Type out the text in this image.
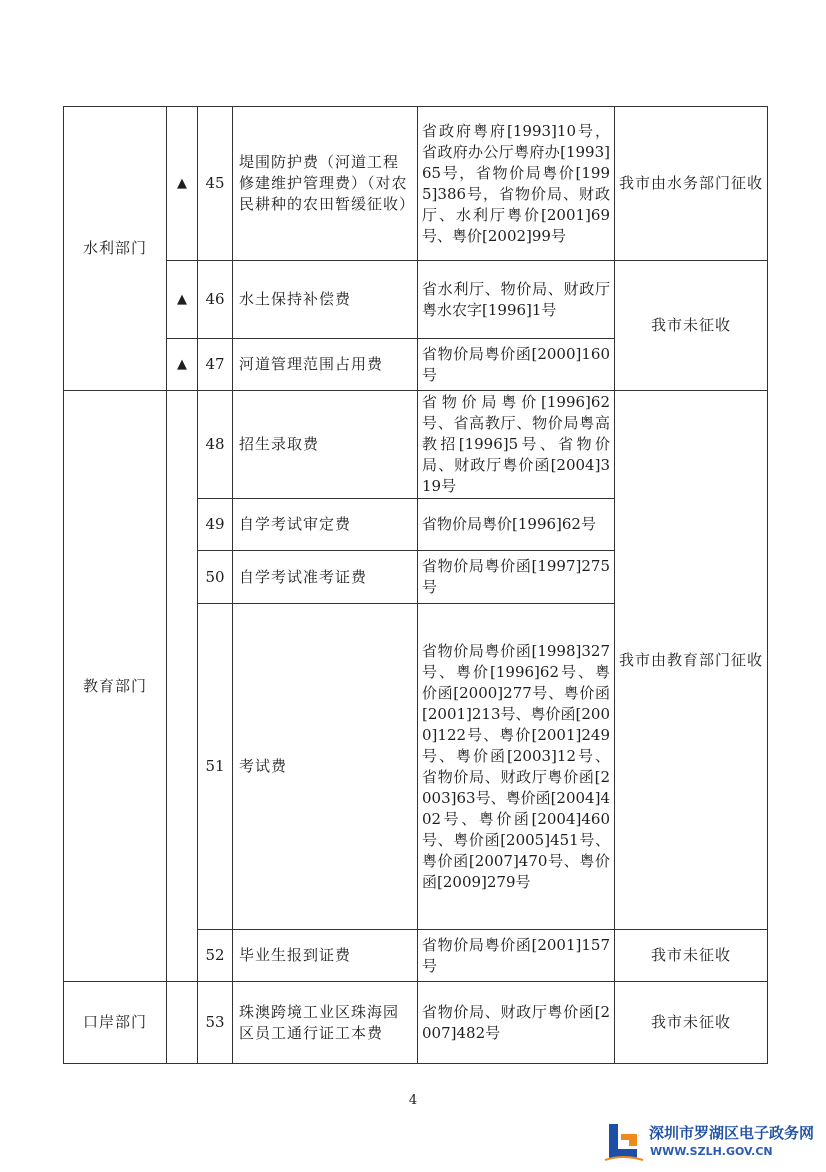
水利部门	▲	45	堤围防护费（河道工程修建维护管理费）（对农民耕种的农田暂缓征收）	省政府粤府[1993]10号，省政府办公厅粤府办[1993]65号，省物价局粤价[1995]386号，省物价局、财政厅、水利厅粤价[2001]69号、粤价[2002]99号	我市由水务部门征收
	▲	46	水土保持补偿费	省水利厅、物价局、财政厅粤水农字[1996]1号	我市未征收
	▲	47	河道管理范围占用费	省物价局粤价函[2000]160号	
教育部门		48	招生录取费	省物价局粤价[1996]62号、省高教厅、物价局粤高教招[1996]5号、省物价局、财政厅粤价函[2004]319号	我市由教育部门征收
		49	自学考试审定费	省物价局粤价[1996]62号	
		50	自学考试准考证费	省物价局粤价函[1997]275号	
		51	考试费	省物价局粤价函[1998]327号、粤价[1996]62号、粤价函[2000]277号、粤价函[2001]213号、粤价函[2000]122号、粤价[2001]249号、粤价函[2003]12号、省物价局、财政厅粤价函[2003]63号、粤价函[2004]402号、粤价函[2004]460号、粤价函[2005]451号、粤价函[2007]470号、粤价函[2009]279号	
		52	毕业生报到证费	省物价局粤价函[2001]157号	我市未征收
口岸部门		53	珠澳跨境工业区珠海园区员工通行证工本费	省物价局、财政厅粤价函[2007]482号	我市未征收
4
深圳市罗湖区电子政务网
WWW.SZLH.GOV.CN
